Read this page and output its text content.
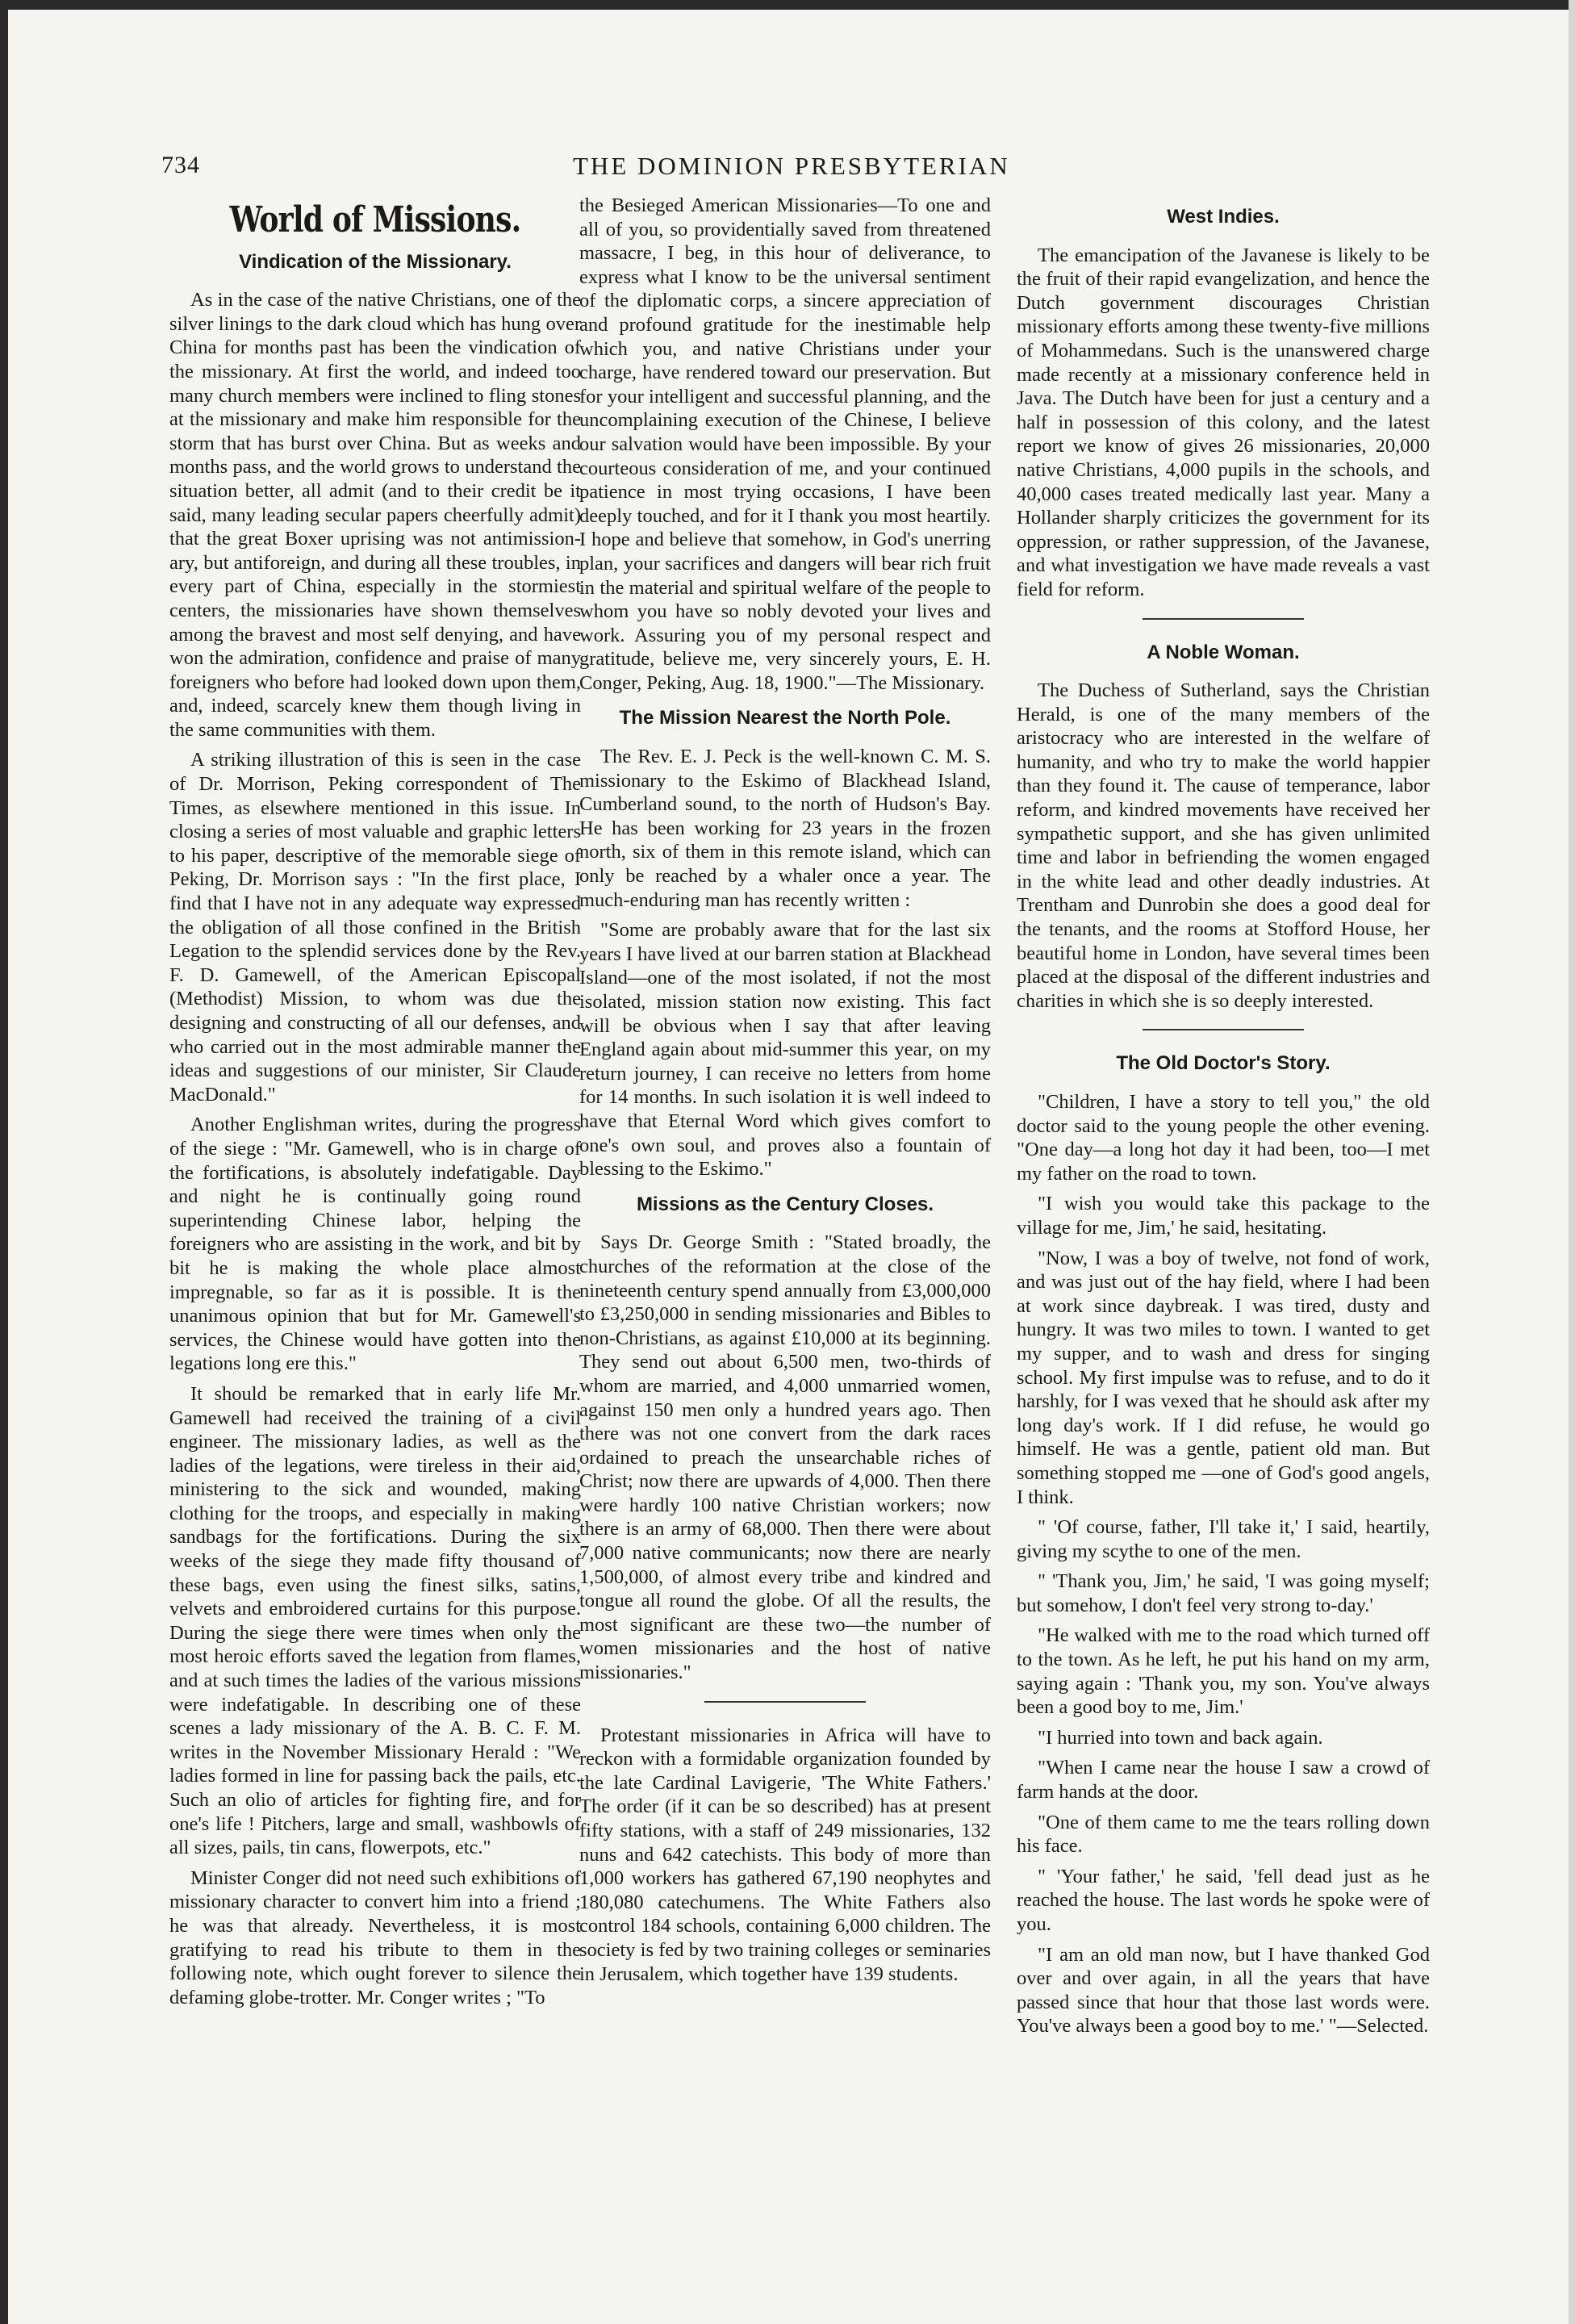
734	THE DOMINION PRESBYTERIAN
World of Missions.
Vindication of the Missionary.

As in the case of the native Christians, one of the silver linings to the dark cloud which has hung over China for months past has been the vindication of the missionary. At first the world, and indeed too many church members were inclined to fling stones at the missionary and make him responsible for the storm that has burst over China. But as weeks and months pass, and the world grows to understand the situation better, all admit (and to their credit be it said, many leading secular papers cheerfully admit) that the great Boxer uprising was not antimission-ary, but antiforeign, and during all these troubles, in every part of China, especially in the stormiest centers, the missionaries have shown themselves among the bravest and most self denying, and have won the admiration, confidence and praise of many foreigners who before had looked down upon them, and, indeed, scarcely knew them though living in the same communities with them.

A striking illustration of this is seen in the case of Dr. Morrison, Peking correspondent of The Times, as elsewhere mentioned in this issue. In closing a series of most valuable and graphic letters to his paper, descriptive of the memorable siege of Peking, Dr. Morrison says : "In the first place, I find that I have not in any adequate way expressed the obligation of all those confined in the British Legation to the splendid services done by the Rev. F. D. Gamewell, of the American Episcopal (Methodist) Mission, to whom was due the designing and constructing of all our defenses, and who carried out in the most admirable manner the ideas and suggestions of our minister, Sir Claude MacDonald."

Another Englishman writes, during the progress of the siege : "Mr. Gamewell, who is in charge of the fortifications, is absolutely indefatigable. Day and night he is continually going round superintending Chinese labor, helping the foreigners who are assisting in the work, and bit by bit he is making the whole place almost impregnable, so far as it is possible. It is the unanimous opinion that but for Mr. Gamewell's services, the Chinese would have gotten into the legations long ere this."

It should be remarked that in early life Mr. Gamewell had received the training of a civil engineer. The missionary ladies, as well as the ladies of the legations, were tireless in their aid, ministering to the sick and wounded, making clothing for the troops, and especially in making sandbags for the fortifications. During the six weeks of the siege they made fifty thousand of these bags, even using the finest silks, satins, velvets and embroidered curtains for this purpose. During the siege there were times when only the most heroic efforts saved the legation from flames, and at such times the ladies of the various missions were indefatigable. In describing one of these scenes a lady missionary of the A. B. C. F. M. writes in the November Missionary Herald : "We ladies formed in line for passing back the pails, etc. Such an olio of articles for fighting fire, and for one's life ! Pitchers, large and small, washbowls of all sizes, pails, tin cans, flowerpots, etc."

Minister Conger did not need such exhibitions of missionary character to convert him into a friend ; he was that already. Nevertheless, it is most gratifying to read his tribute to them in the following note, which ought forever to silence the defaming globe-trotter. Mr. Conger writes ; "To

the Besieged American Missionaries—To one and all of you, so providentially saved from threatened massacre, I beg, in this hour of deliverance, to express what I know to be the universal sentiment of the diplomatic corps, a sincere appreciation of and profound gratitude for the inestimable help which you, and native Christians under your charge, have rendered toward our preservation. But for your intelligent and successful planning, and the uncomplaining execution of the Chinese, I believe our salvation would have been impossible. By your courteous consideration of me, and your continued patience in most trying occasions, I have been deeply touched, and for it I thank you most heartily. I hope and believe that somehow, in God's unerring plan, your sacrifices and dangers will bear rich fruit in the material and spiritual welfare of the people to whom you have so nobly devoted your lives and work. Assuring you of my personal respect and gratitude, believe me, very sincerely yours, E. H. Conger, Peking, Aug. 18, 1900."—The Missionary.

The Mission Nearest the North Pole.

The Rev. E. J. Peck is the well-known C. M. S. missionary to the Eskimo of Blackhead Island, Cumberland sound, to the north of Hudson's Bay. He has been working for 23 years in the frozen north, six of them in this remote island, which can only be reached by a whaler once a year. The much-enduring man has recently written :

"Some are probably aware that for the last six years I have lived at our barren station at Blackhead Island—one of the most isolated, if not the most isolated, mission station now existing. This fact will be obvious when I say that after leaving England again about mid-summer this year, on my return journey, I can receive no letters from home for 14 months. In such isolation it is well indeed to have that Eternal Word which gives comfort to one's own soul, and proves also a fountain of blessing to the Eskimo."

Missions as the Century Closes.

Says Dr. George Smith : "Stated broadly, the churches of the reformation at the close of the nineteenth century spend annually from £3,000,000 to £3,250,000 in sending missionaries and Bibles to non-Christians, as against £10,000 at its beginning. They send out about 6,500 men, two-thirds of whom are married, and 4,000 unmarried women, against 150 men only a hundred years ago. Then there was not one convert from the dark races ordained to preach the unsearchable riches of Christ; now there are upwards of 4,000. Then there were hardly 100 native Christian workers; now there is an army of 68,000. Then there were about 7,000 native communicants; now there are nearly 1,500,000, of almost every tribe and kindred and tongue all round the globe. Of all the results, the most significant are these two—the number of women missionaries and the host of native missionaries."

Protestant missionaries in Africa will have to reckon with a formidable organization founded by the late Cardinal Lavigerie, 'The White Fathers.' The order (if it can be so described) has at present fifty stations, with a staff of 249 missionaries, 132 nuns and 642 catechists. This body of more than 1,000 workers has gathered 67,190 neophytes and 180,080 catechumens. The White Fathers also control 184 schools, containing 6,000 children. The society is fed by two training colleges or seminaries in Jerusalem, which together have 139 students.

West Indies.

The emancipation of the Javanese is likely to be the fruit of their rapid evangelization, and hence the Dutch government discourages Christian missionary efforts among these twenty-five millions of Mohammedans. Such is the unanswered charge made recently at a missionary conference held in Java. The Dutch have been for just a century and a half in possession of this colony, and the latest report we know of gives 26 missionaries, 20,000 native Christians, 4,000 pupils in the schools, and 40,000 cases treated medically last year. Many a Hollander sharply criticizes the government for its oppression, or rather suppression, of the Javanese, and what investigation we have made reveals a vast field for reform.

A Noble Woman.

The Duchess of Sutherland, says the Christian Herald, is one of the many members of the aristocracy who are interested in the welfare of humanity, and who try to make the world happier than they found it. The cause of temperance, labor reform, and kindred movements have received her sympathetic support, and she has given unlimited time and labor in befriending the women engaged in the white lead and other deadly industries. At Trentham and Dunrobin she does a good deal for the tenants, and the rooms at Stofford House, her beautiful home in London, have several times been placed at the disposal of the different industries and charities in which she is so deeply interested.

The Old Doctor's Story.

"Children, I have a story to tell you," the old doctor said to the young people the other evening. "One day—a long hot day it had been, too—I met my father on the road to town.

"I wish you would take this package to the village for me, Jim,' he said, hesitating.

"Now, I was a boy of twelve, not fond of work, and was just out of the hay field, where I had been at work since daybreak. I was tired, dusty and hungry. It was two miles to town. I wanted to get my supper, and to wash and dress for singing school. My first impulse was to refuse, and to do it harshly, for I was vexed that he should ask after my long day's work. If I did refuse, he would go himself. He was a gentle, patient old man. But something stopped me —one of God's good angels, I think.

" 'Of course, father, I'll take it,' I said, heartily, giving my scythe to one of the men.

" 'Thank you, Jim,' he said, 'I was going myself; but somehow, I don't feel very strong to-day.'

"He walked with me to the road which turned off to the town. As he left, he put his hand on my arm, saying again : 'Thank you, my son. You've always been a good boy to me, Jim.'

"I hurried into town and back again.

"When I came near the house I saw a crowd of farm hands at the door.

"One of them came to me the tears rolling down his face.

" 'Your father,' he said, 'fell dead just as he reached the house. The last words he spoke were of you.

"I am an old man now, but I have thanked God over and over again, in all the years that have passed since that hour that those last words were. You've always been a good boy to me.' "—Selected.
